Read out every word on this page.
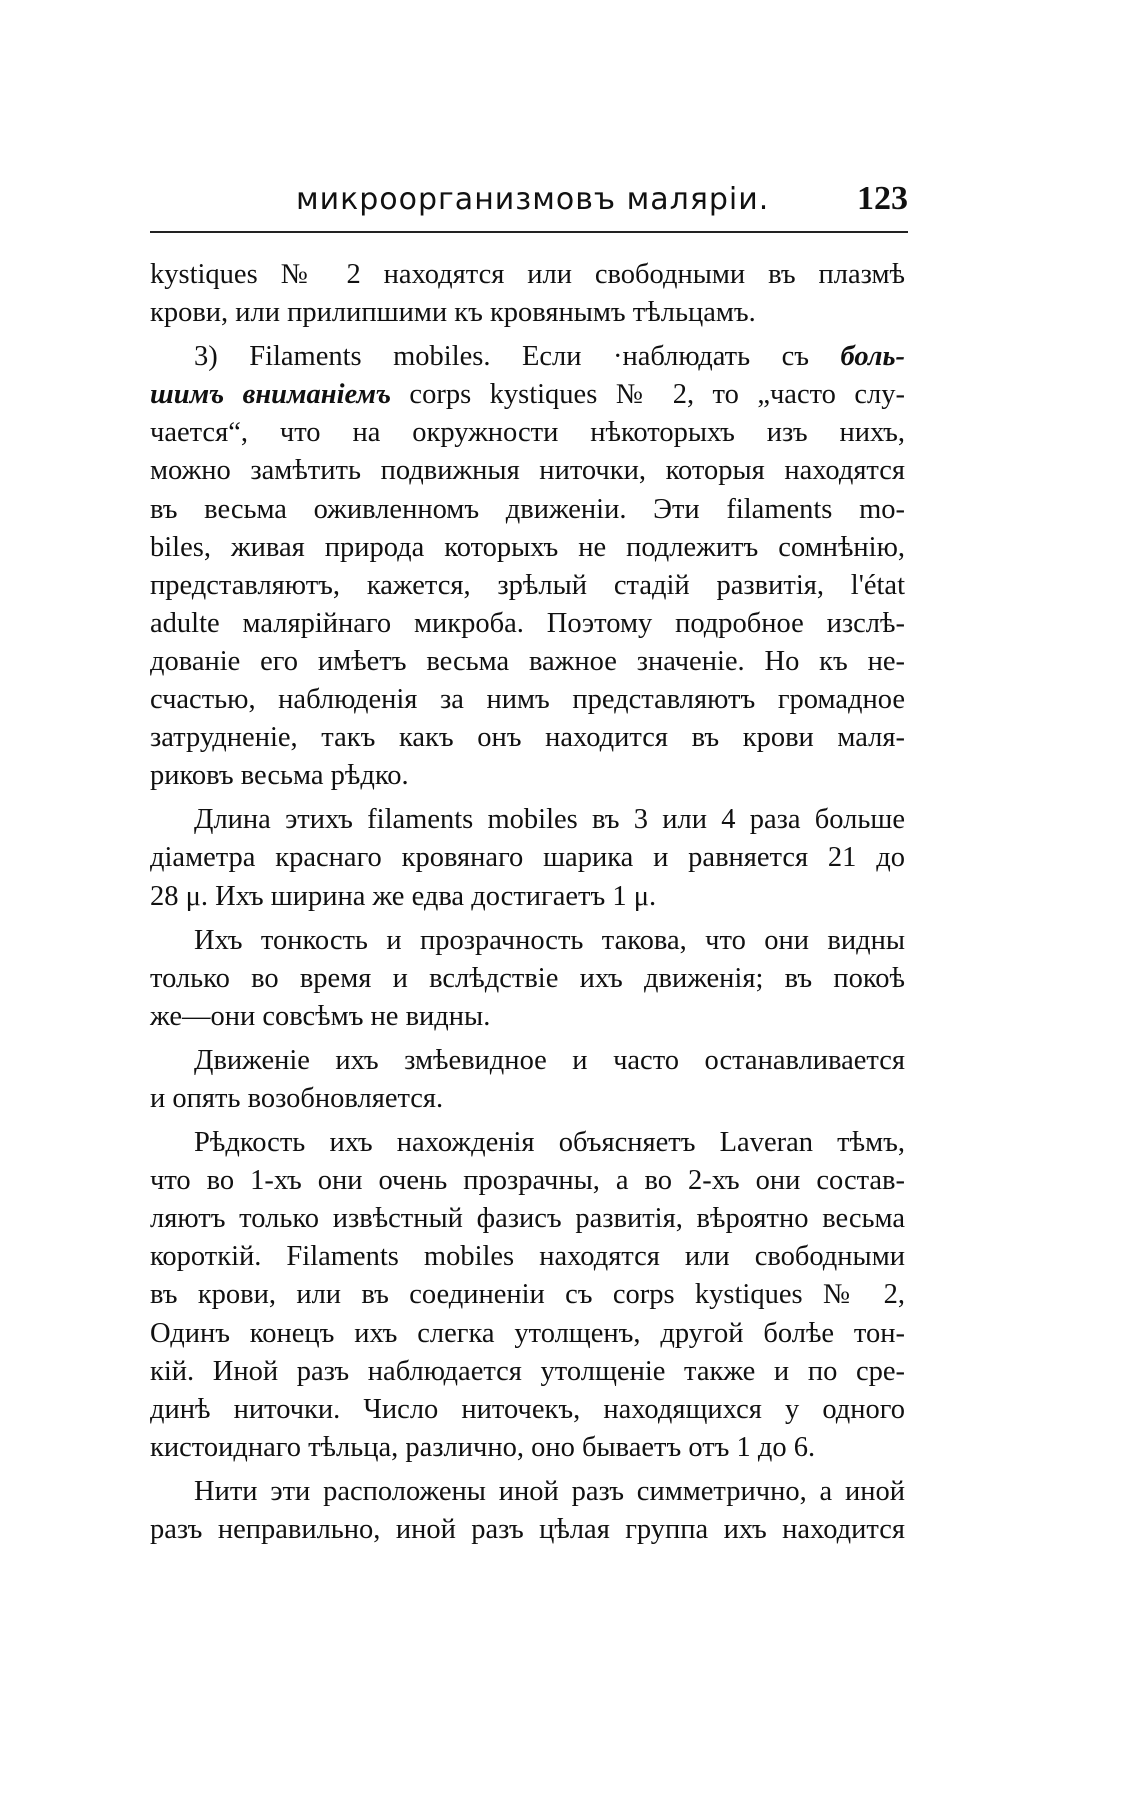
микроорганизмовъ маляріи.	123
kystiques № 2 находятся или свободными въ плазмѣ
крови, или прилипшими къ кровянымъ тѣльцамъ.
3) Filaments mobiles. Если ·наблюдать съ боль-
шимъ вниманіемъ corps kystiques № 2, то „часто слу-
чается“, что на окружности нѣкоторыхъ изъ нихъ,
можно замѣтить подвижныя ниточки, которыя находятся
въ весьма оживленномъ движеніи. Эти filaments mo-
biles, живая природа которыхъ не подлежитъ сомнѣнію,
представляютъ, кажется, зрѣлый стадій развитія, l'état
adulte малярійнаго микроба. Поэтому подробное изслѣ-
дованіе его имѣетъ весьма важное значеніе. Но къ не-
счастью, наблюденія за нимъ представляютъ громадное
затрудненіе, такъ какъ онъ находится въ крови маля-
риковъ весьма рѣдко.
Длина этихъ filaments mobiles въ 3 или 4 раза больше
діаметра краснаго кровянаго шарика и равняется 21 до
28 μ. Ихъ ширина же едва достигаетъ 1 μ.
Ихъ тонкость и прозрачность такова, что они видны
только во время и вслѣдствіе ихъ движенія; въ покоѣ
же—они совсѣмъ не видны.
Движеніе ихъ змѣевидное и часто останавливается
и опять возобновляется.
Рѣдкость ихъ нахожденія объясняетъ Laveran тѣмъ,
что во 1-хъ они очень прозрачны, а во 2-хъ они состав-
ляютъ только извѣстный фазисъ развитія, вѣроятно весьма
короткій. Filaments mobiles находятся или свободными
въ крови, или въ соединеніи съ corps kystiques № 2,
Одинъ конецъ ихъ слегка утолщенъ, другой болѣе тон-
кій. Иной разъ наблюдается утолщеніе также и по сре-
динѣ ниточки. Число ниточекъ, находящихся у одного
кистоиднаго тѣльца, различно, оно бываетъ отъ 1 до 6.
Нити эти расположены иной разъ симметрично, а иной
разъ неправильно, иной разъ цѣлая группа ихъ находится
